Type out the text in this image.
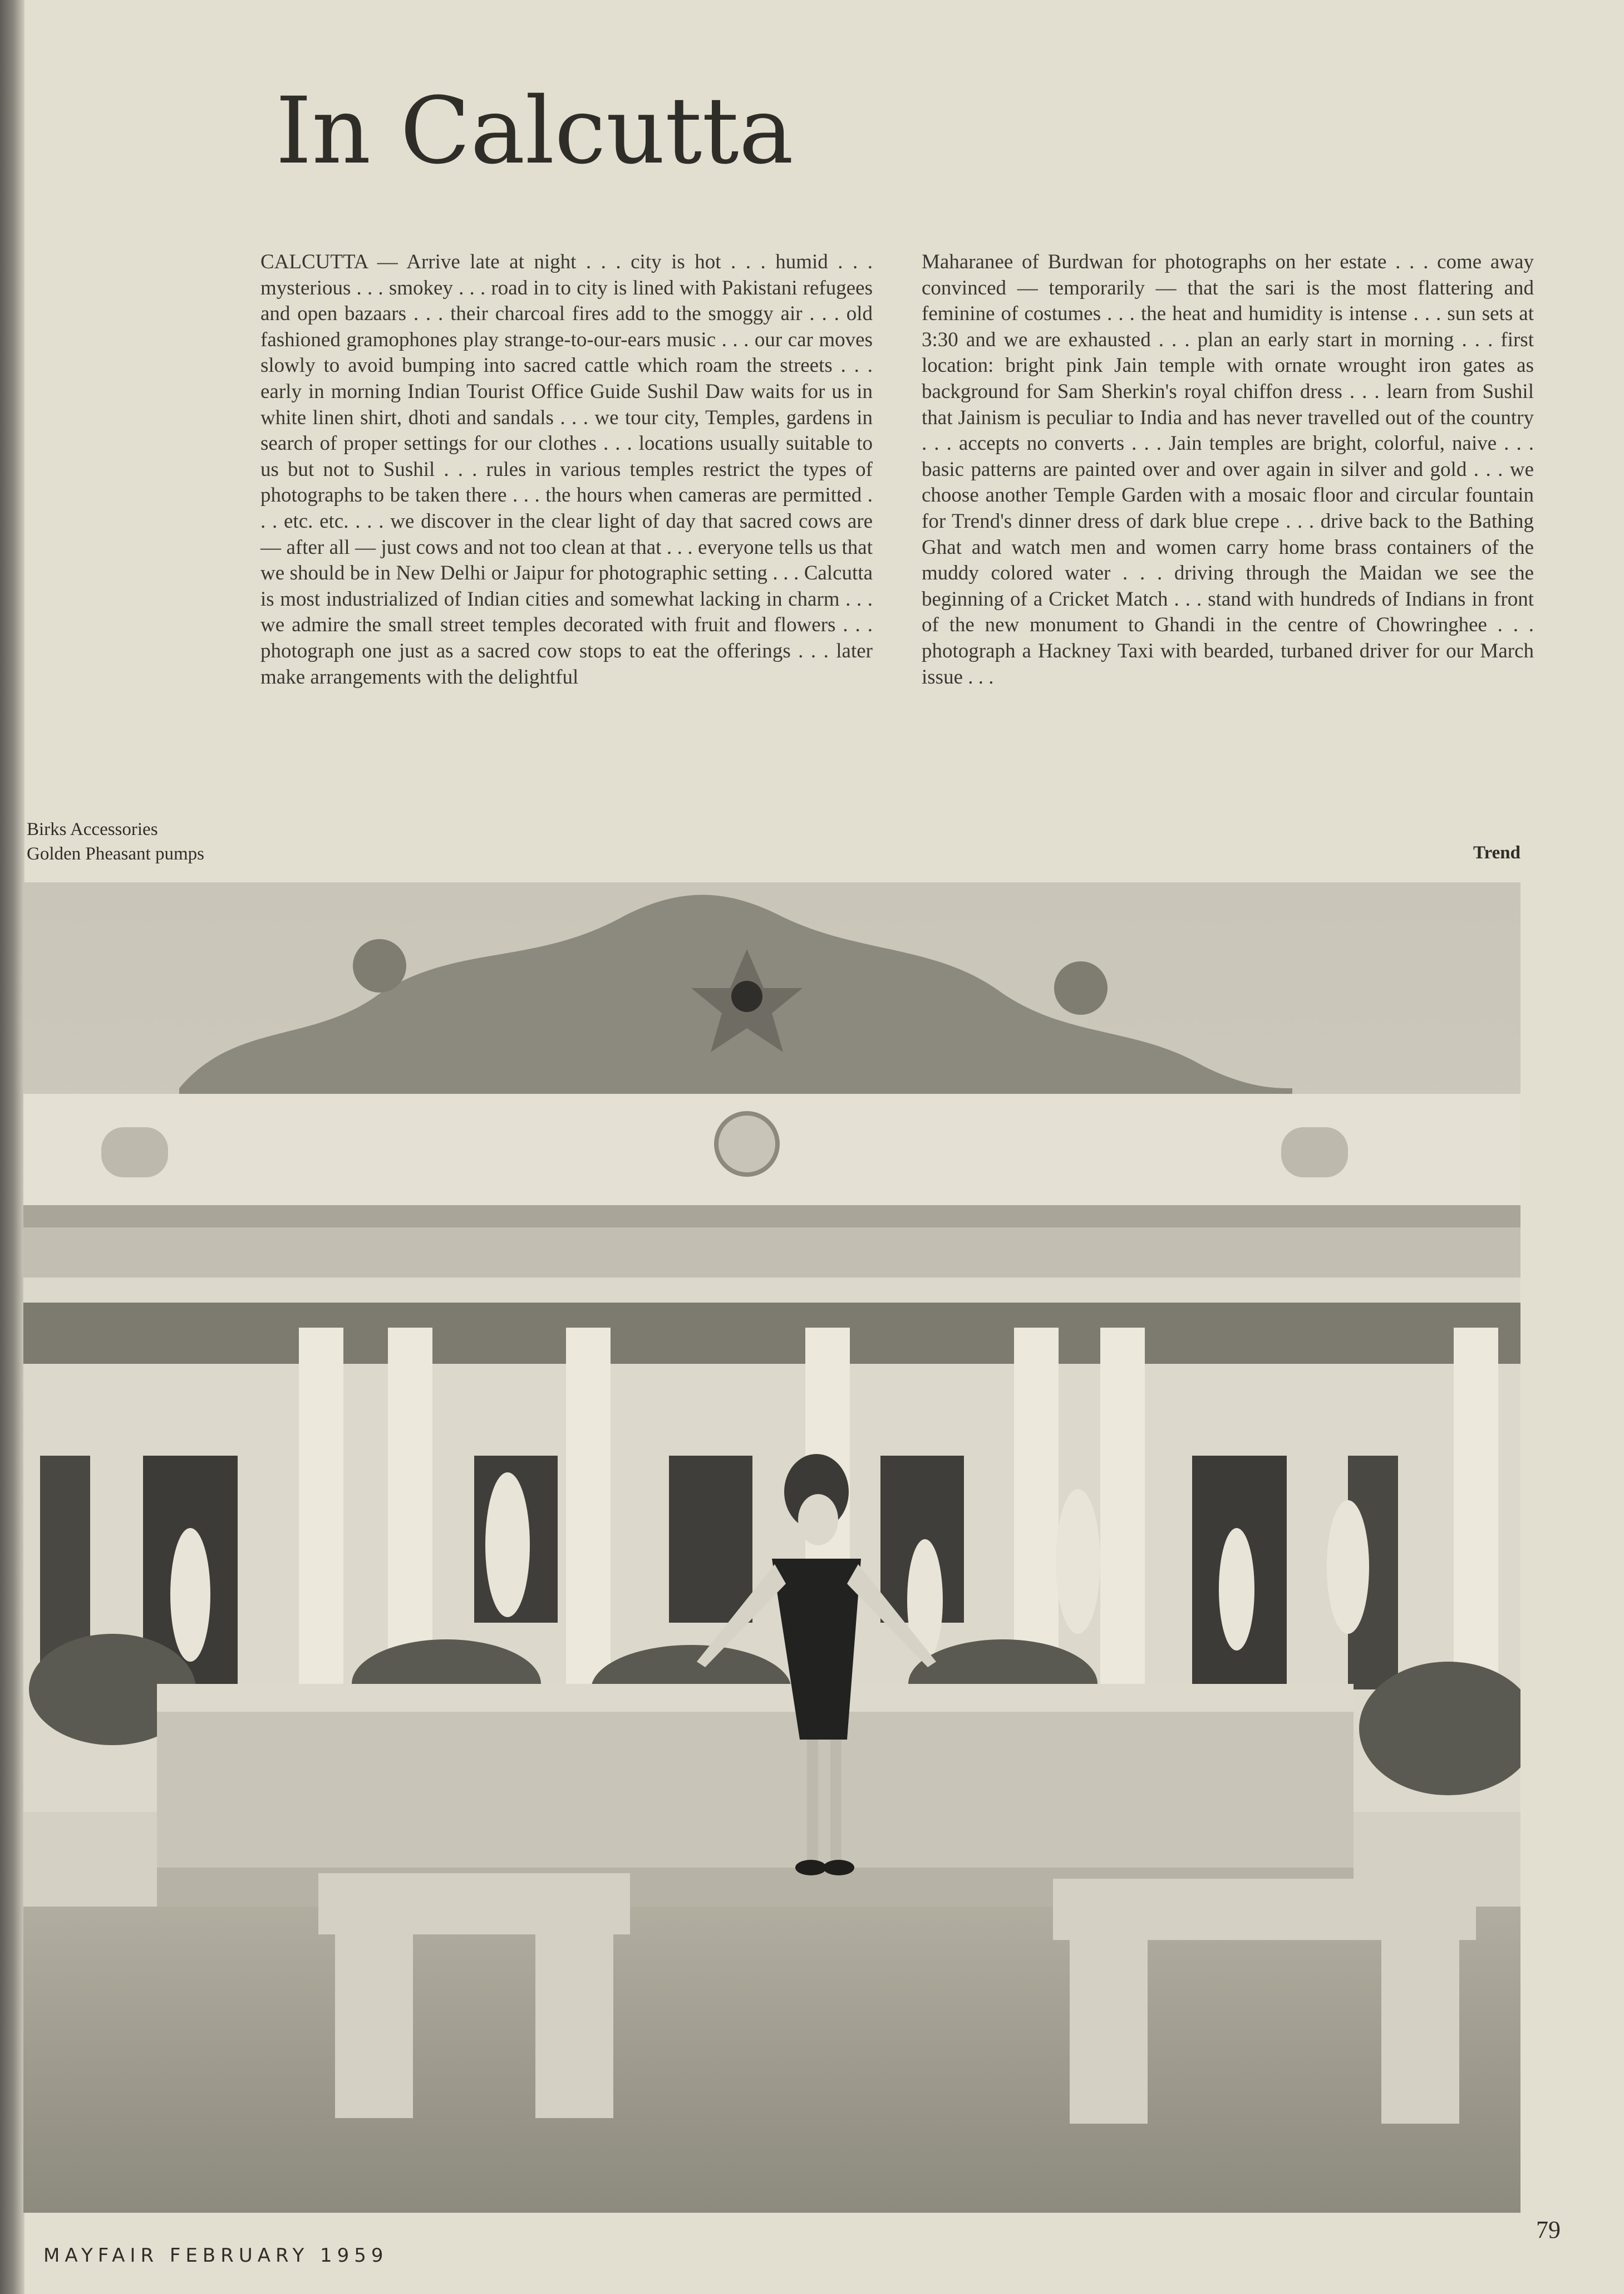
In Calcutta

CALCUTTA — Arrive late at night . . . city is hot . . . humid . . . mysterious . . . smokey . . . road in to city is lined with Pakistani refugees and open bazaars . . . their charcoal fires add to the smoggy air . . . old fashioned gramophones play strange-to-our-ears music . . . our car moves slowly to avoid bumping into sacred cattle which roam the streets . . . early in morning Indian Tourist Office Guide Sushil Daw waits for us in white linen shirt, dhoti and sandals . . . we tour city, Temples, gardens in search of proper settings for our clothes . . . locations usually suitable to us but not to Sushil . . . rules in various temples restrict the types of photographs to be taken there . . . the hours when cameras are permitted . . . etc. etc. . . . we discover in the clear light of day that sacred cows are — after all — just cows and not too clean at that . . . everyone tells us that we should be in New Delhi or Jaipur for photographic setting . . . Calcutta is most industrialized of Indian cities and somewhat lacking in charm . . . we admire the small street temples decorated with fruit and flowers . . . photograph one just as a sacred cow stops to eat the offerings . . . later make arrangements with the delightful

Maharanee of Burdwan for photographs on her estate . . . come away convinced — temporarily — that the sari is the most flattering and feminine of costumes . . . the heat and humidity is intense . . . sun sets at 3:30 and we are exhausted . . . plan an early start in morning . . . first location: bright pink Jain temple with ornate wrought iron gates as background for Sam Sherkin's royal chiffon dress . . . learn from Sushil that Jainism is peculiar to India and has never travelled out of the country . . . accepts no converts . . . Jain temples are bright, colorful, naive . . . basic patterns are painted over and over again in silver and gold . . . we choose another Temple Garden with a mosaic floor and circular fountain for Trend's dinner dress of dark blue crepe . . . drive back to the Bathing Ghat and watch men and women carry home brass containers of the muddy colored water . . . driving through the Maidan we see the beginning of a Cricket Match . . . stand with hundreds of Indians in front of the new monument to Ghandi in the centre of Chowringhee . . . photograph a Hackney Taxi with bearded, turbaned driver for our March issue . . .

Birks Accessories
Golden Pheasant pumps	Trend
MAYFAIR FEBRUARY 1959
79
